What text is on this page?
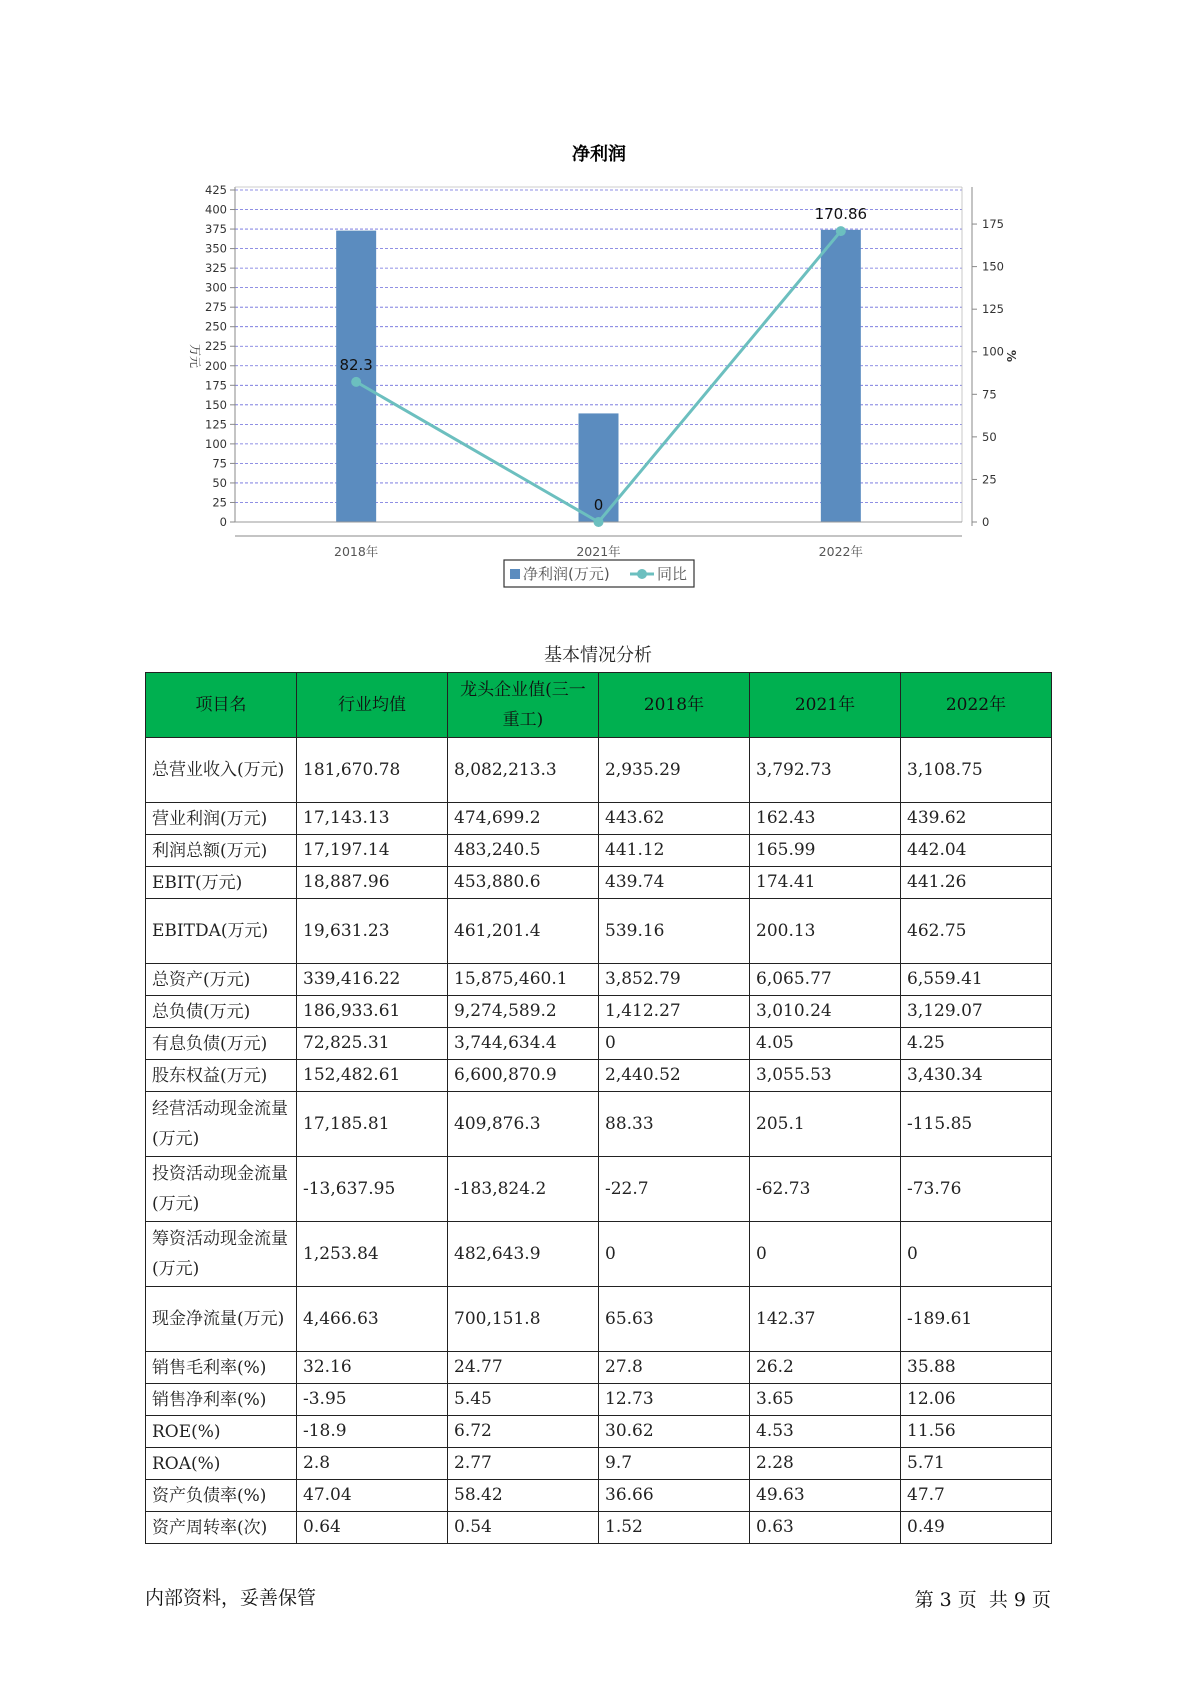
净利润
0
25
50
75
100
125
150
175
200
225
250
275
300
325
350
375
400
425
0
25
50
75
100
125
150
175
万元	%
2018年	2021年	2022年
82.3
0
170.86
净利润(万元)	同比
基本情况分析
项目名	行业均值	龙头企业值(三一重工)	2018年	2021年	2022年
总营业收入(万元)	181,670.78	8,082,213.3	2,935.29	3,792.73	3,108.75
营业利润(万元)	17,143.13	474,699.2	443.62	162.43	439.62
利润总额(万元)	17,197.14	483,240.5	441.12	165.99	442.04
EBIT(万元)	18,887.96	453,880.6	439.74	174.41	441.26
EBITDA(万元)	19,631.23	461,201.4	539.16	200.13	462.75
总资产(万元)	339,416.22	15,875,460.1	3,852.79	6,065.77	6,559.41
总负债(万元)	186,933.61	9,274,589.2	1,412.27	3,010.24	3,129.07
有息负债(万元)	72,825.31	3,744,634.4	0	4.05	4.25
股东权益(万元)	152,482.61	6,600,870.9	2,440.52	3,055.53	3,430.34
经营活动现金流量(万元)	17,185.81	409,876.3	88.33	205.1	-115.85
投资活动现金流量(万元)	-13,637.95	-183,824.2	-22.7	-62.73	-73.76
筹资活动现金流量(万元)	1,253.84	482,643.9	0	0	0
现金净流量(万元)	4,466.63	700,151.8	65.63	142.37	-189.61
销售毛利率(%)	32.16	24.77	27.8	26.2	35.88
销售净利率(%)	-3.95	5.45	12.73	3.65	12.06
ROE(%)	-18.9	6.72	30.62	4.53	11.56
ROA(%)	2.8	2.77	9.7	2.28	5.71
资产负债率(%)	47.04	58.42	36.66	49.63	47.7
资产周转率(次)	0.64	0.54	1.52	0.63	0.49
内部资料，妥善保管	第 3 页  共 9 页
